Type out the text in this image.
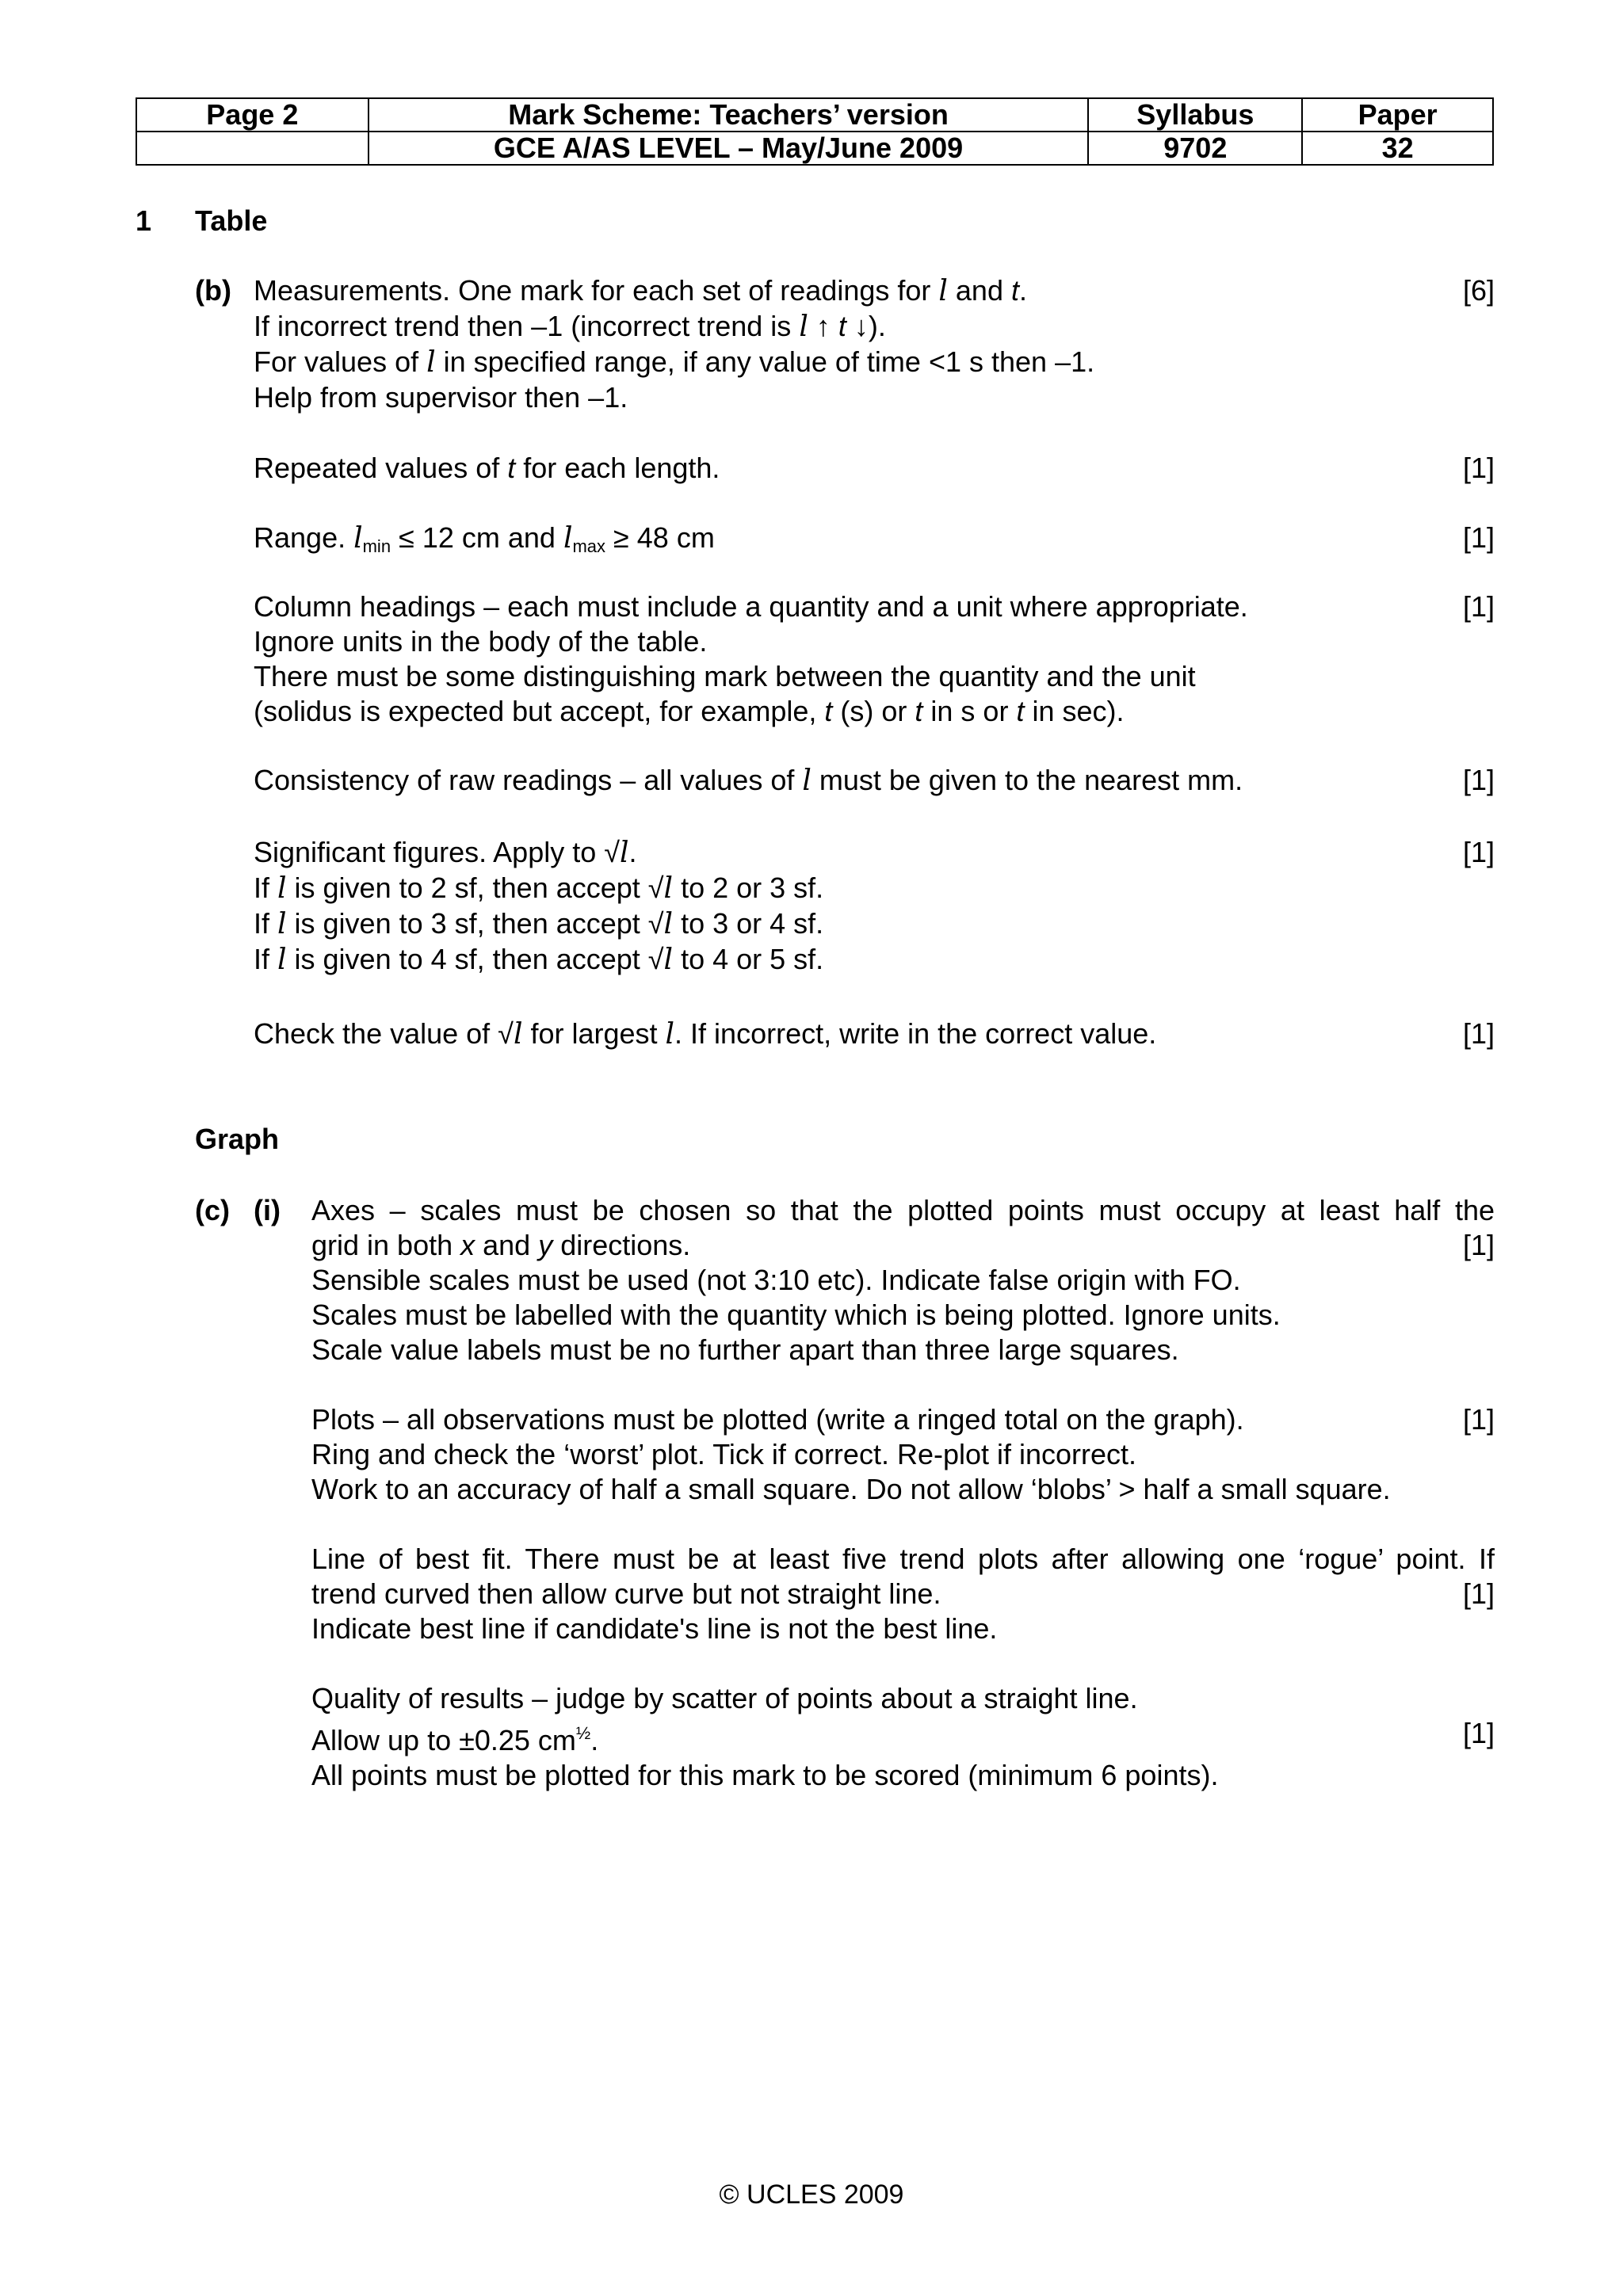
Page 2	Mark Scheme: Teachers’ version	Syllabus	Paper
	GCE A/AS LEVEL – May/June 2009	9702	32
1 Table
(b) Measurements. One mark for each set of readings for l and t.
If incorrect trend then –1 (incorrect trend is l ↑ t ↓).
For values of l in specified range, if any value of time <1 s then –1.
Help from supervisor then –1.
[6]
Repeated values of t for each length.	[1]
Range. $l_{min} \le 12$ cm and $l_{max} \ge 48$ cm	[1]
Column headings – each must include a quantity and a unit where appropriate.
Ignore units in the body of the table.
There must be some distinguishing mark between the quantity and the unit
(solidus is expected but accept, for example, t (s) or t in s or t in sec).
[1]
Consistency of raw readings – all values of l must be given to the nearest mm.	[1]
Significant figures. Apply to √l.
If l is given to 2 sf, then accept √l to 2 or 3 sf.
If l is given to 3 sf, then accept √l to 3 or 4 sf.
If l is given to 4 sf, then accept √l to 4 or 5 sf.
[1]
Check the value of √l for largest l. If incorrect, write in the correct value.	[1]
Graph
(c) (i) Axes – scales must be chosen so that the plotted points must occupy at least half the
grid in both x and y directions.
Sensible scales must be used (not 3:10 etc). Indicate false origin with FO.
Scales must be labelled with the quantity which is being plotted. Ignore units.
Scale value labels must be no further apart than three large squares.
[1]
Plots – all observations must be plotted (write a ringed total on the graph).
Ring and check the ‘worst’ plot. Tick if correct. Re-plot if incorrect.
Work to an accuracy of half a small square. Do not allow ‘blobs’ > half a small square.
[1]
Line of best fit. There must be at least five trend plots after allowing one ‘rogue’ point. If
trend curved then allow curve but not straight line.
Indicate best line if candidate's line is not the best line.
[1]
Quality of results – judge by scatter of points about a straight line.
Allow up to ±0.25 $cm^{\frac{1}{2}}$.
All points must be plotted for this mark to be scored (minimum 6 points).
[1]
© UCLES 2009
